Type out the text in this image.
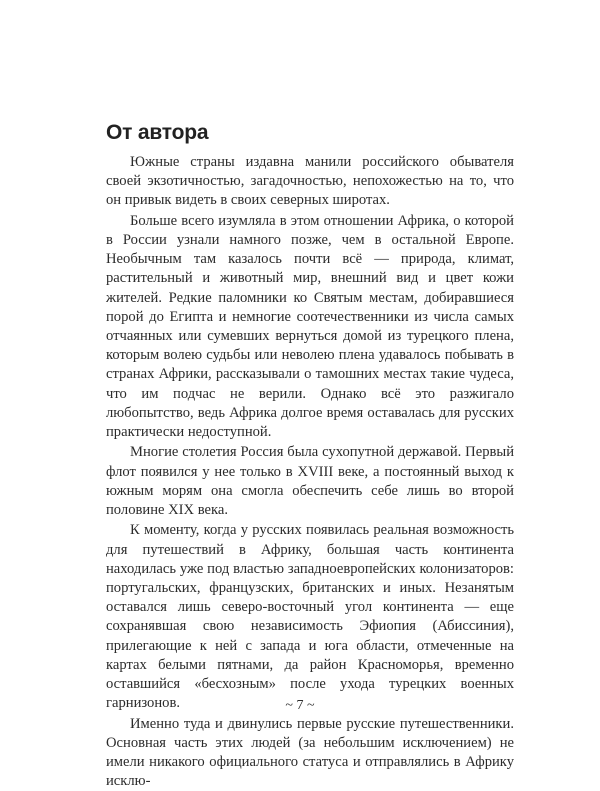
От автора

Южные страны издавна манили российского обывателя своей экзотичностью, загадочностью, непохожестью на то, что он привык видеть в своих северных широтах.

Больше всего изумляла в этом отношении Африка, о которой в России узнали намного позже, чем в остальной Европе. Необычным там казалось почти всё — природа, климат, растительный и животный мир, внешний вид и цвет кожи жителей. Редкие паломники ко Святым местам, добиравшиеся порой до Египта и немногие соотечественники из числа самых отчаянных или сумевших вернуться домой из турецкого плена, которым волею судьбы или неволею плена удавалось побывать в странах Африки, рассказывали о тамошних местах такие чудеса, что им подчас не верили. Однако всё это разжигало любопытство, ведь Африка долгое время оставалась для русских практически недоступной.

Многие столетия Россия была сухопутной державой. Первый флот появился у нее только в XVIII веке, а постоянный выход к южным морям она смогла обеспечить себе лишь во второй половине XIX века.

К моменту, когда у русских появилась реальная возможность для путешествий в Африку, большая часть континента находилась уже под властью западноевропейских колонизаторов: португальских, французских, британских и иных. Незанятым оставался лишь северо-восточный угол континента — еще сохранявшая свою независимость Эфиопия (Абиссиния), прилегающие к ней с запада и юга области, отмеченные на картах белыми пятнами, да район Красноморья, временно оставшийся «бесхозным» после ухода турецких военных гарнизонов.

Именно туда и двинулись первые русские путешественники. Основная часть этих людей (за небольшим исключением) не имели никакого официального статуса и отправлялись в Африку исклю-

~ 7 ~
